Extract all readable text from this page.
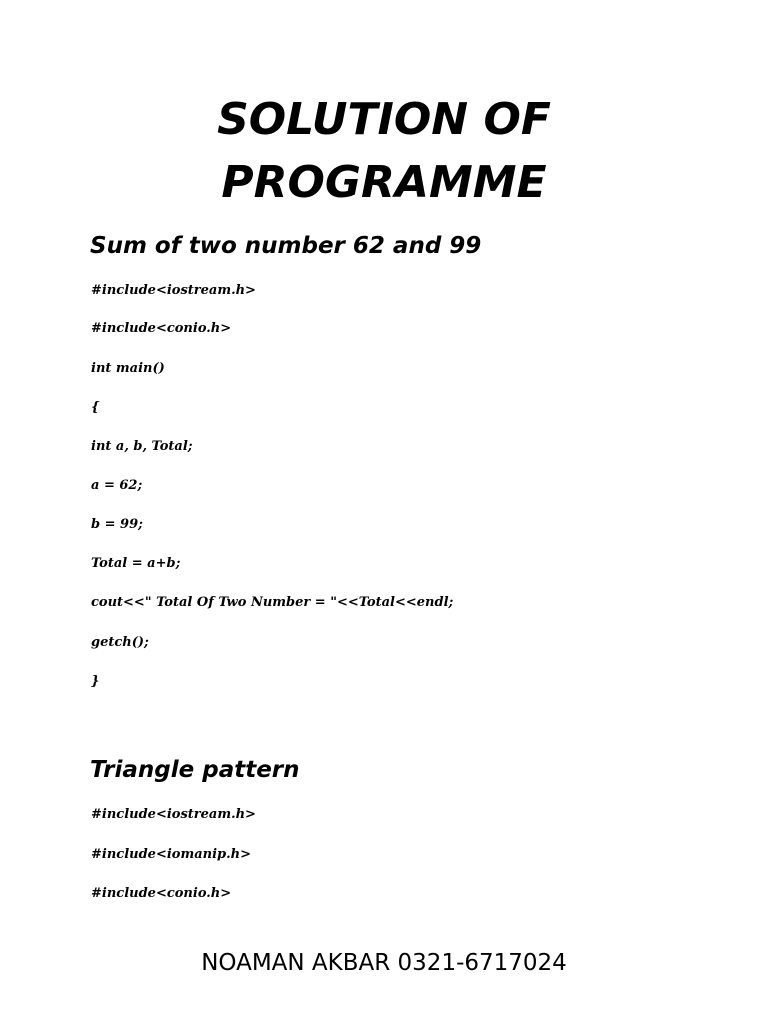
SOLUTION OF
PROGRAMME
Sum of two number 62 and 99

#include<iostream.h>

#include<conio.h>

int main()

{

int a, b, Total;

a = 62;

b = 99;

Total = a+b;

cout<<" Total Of Two Number = "<<Total<<endl;

getch();

}

Triangle pattern

#include<iostream.h>

#include<iomanip.h>

#include<conio.h>

NOAMAN AKBAR 0321-6717024
